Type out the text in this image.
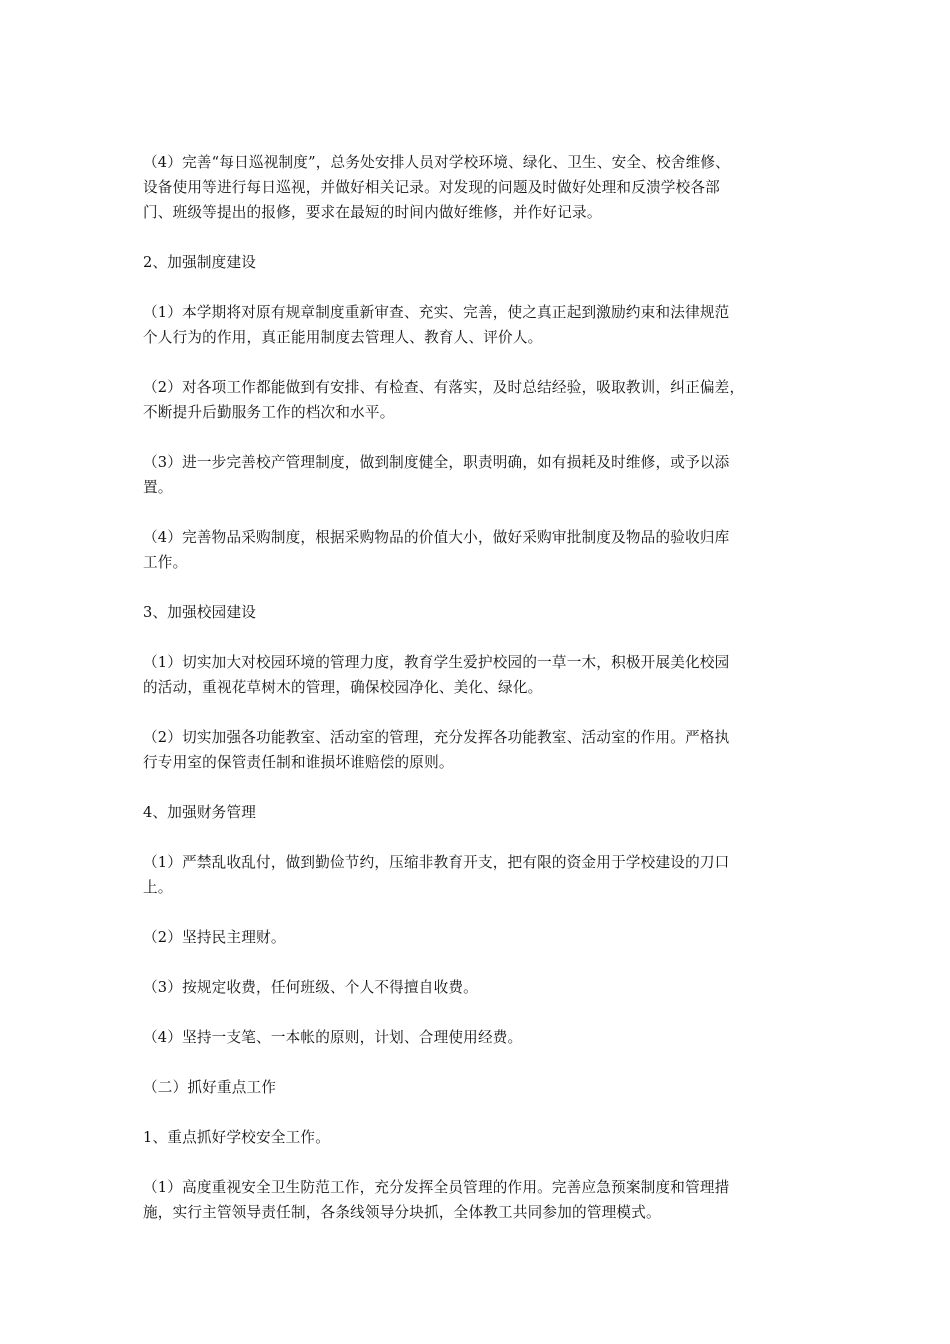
（4）完善“每日巡视制度”，总务处安排人员对学校环境、绿化、卫生、安全、校舍维修、
设备使用等进行每日巡视，并做好相关记录。对发现的问题及时做好处理和反溃学校各部
门、班级等提出的报修，要求在最短的时间内做好维修，并作好记录。

2、加强制度建设

（1）本学期将对原有规章制度重新审查、充实、完善，使之真正起到激励约束和法律规范
个人行为的作用，真正能用制度去管理人、教育人、评价人。

（2）对各项工作都能做到有安排、有检查、有落实，及时总结经验，吸取教训，纠正偏差，
不断提升后勤服务工作的档次和水平。

（3）进一步完善校产管理制度，做到制度健全，职责明确，如有损耗及时维修，或予以添
置。

（4）完善物品采购制度，根据采购物品的价值大小，做好采购审批制度及物品的验收归库
工作。

3、加强校园建设

（1）切实加大对校园环境的管理力度，教育学生爱护校园的一草一木，积极开展美化校园
的活动，重视花草树木的管理，确保校园净化、美化、绿化。

（2）切实加强各功能教室、活动室的管理，充分发挥各功能教室、活动室的作用。严格执
行专用室的保管责任制和谁损坏谁赔偿的原则。

4、加强财务管理

（1）严禁乱收乱付，做到勤俭节约，压缩非教育开支，把有限的资金用于学校建设的刀口
上。

（2）坚持民主理财。

（3）按规定收费，任何班级、个人不得擅自收费。

（4）坚持一支笔、一本帐的原则，计划、合理使用经费。

（二）抓好重点工作

1、重点抓好学校安全工作。

（1）高度重视安全卫生防范工作，充分发挥全员管理的作用。完善应急预案制度和管理措
施，实行主管领导责任制，各条线领导分块抓，全体教工共同参加的管理模式。
